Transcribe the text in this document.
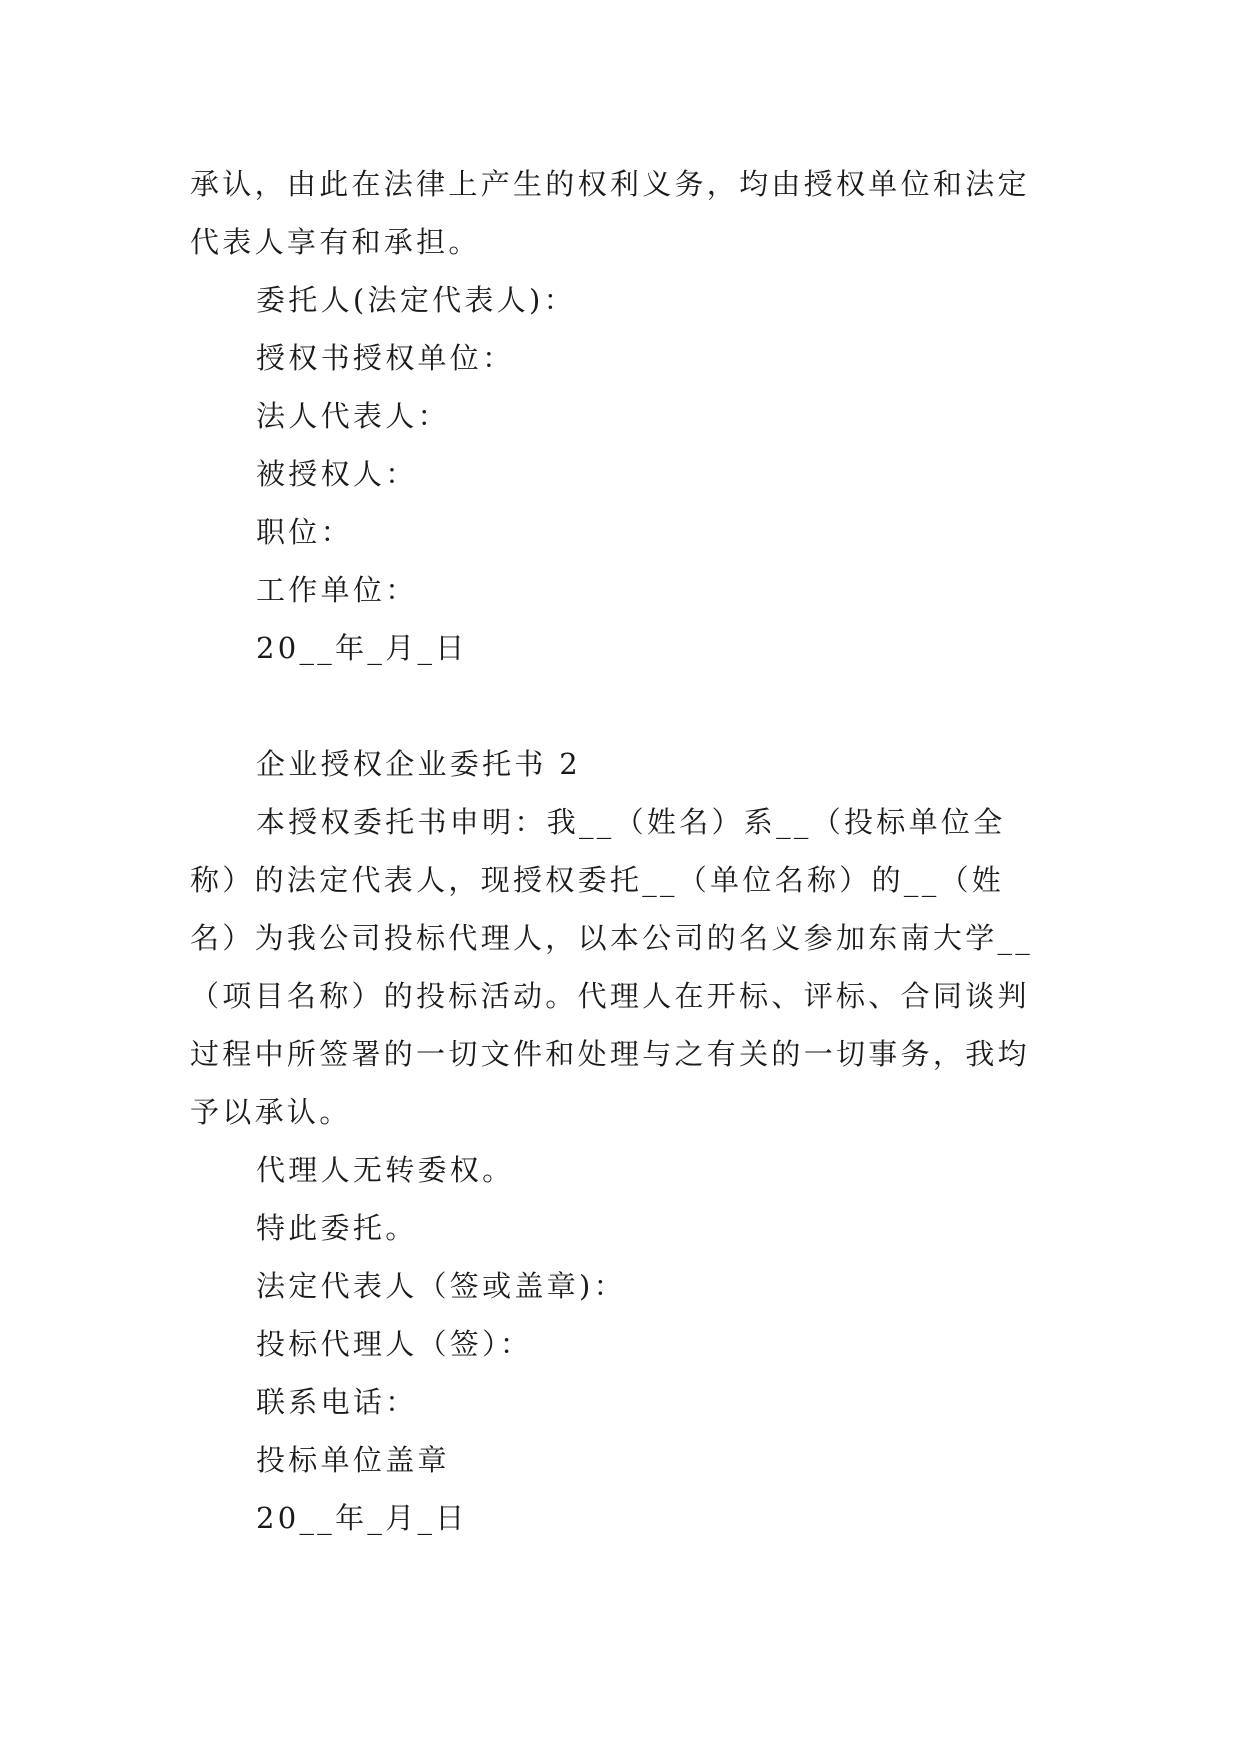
承认，由此在法律上产生的权利义务，均由授权单位和法定代表人享有和承担。

委托人(法定代表人)：

授权书授权单位：

法人代表人：

被授权人：

职位：

工作单位：

20__年_月_日

企业授权企业委托书 2

本授权委托书申明：我__（姓名）系__（投标单位全称）的法定代表人，现授权委托__（单位名称）的__（姓名）为我公司投标代理人，以本公司的名义参加东南大学__（项目名称）的投标活动。代理人在开标、评标、合同谈判过程中所签署的一切文件和处理与之有关的一切事务，我均予以承认。

代理人无转委权。

特此委托。

法定代表人（签或盖章)：

投标代理人（签）：

联系电话：

投标单位盖章

20__年_月_日
